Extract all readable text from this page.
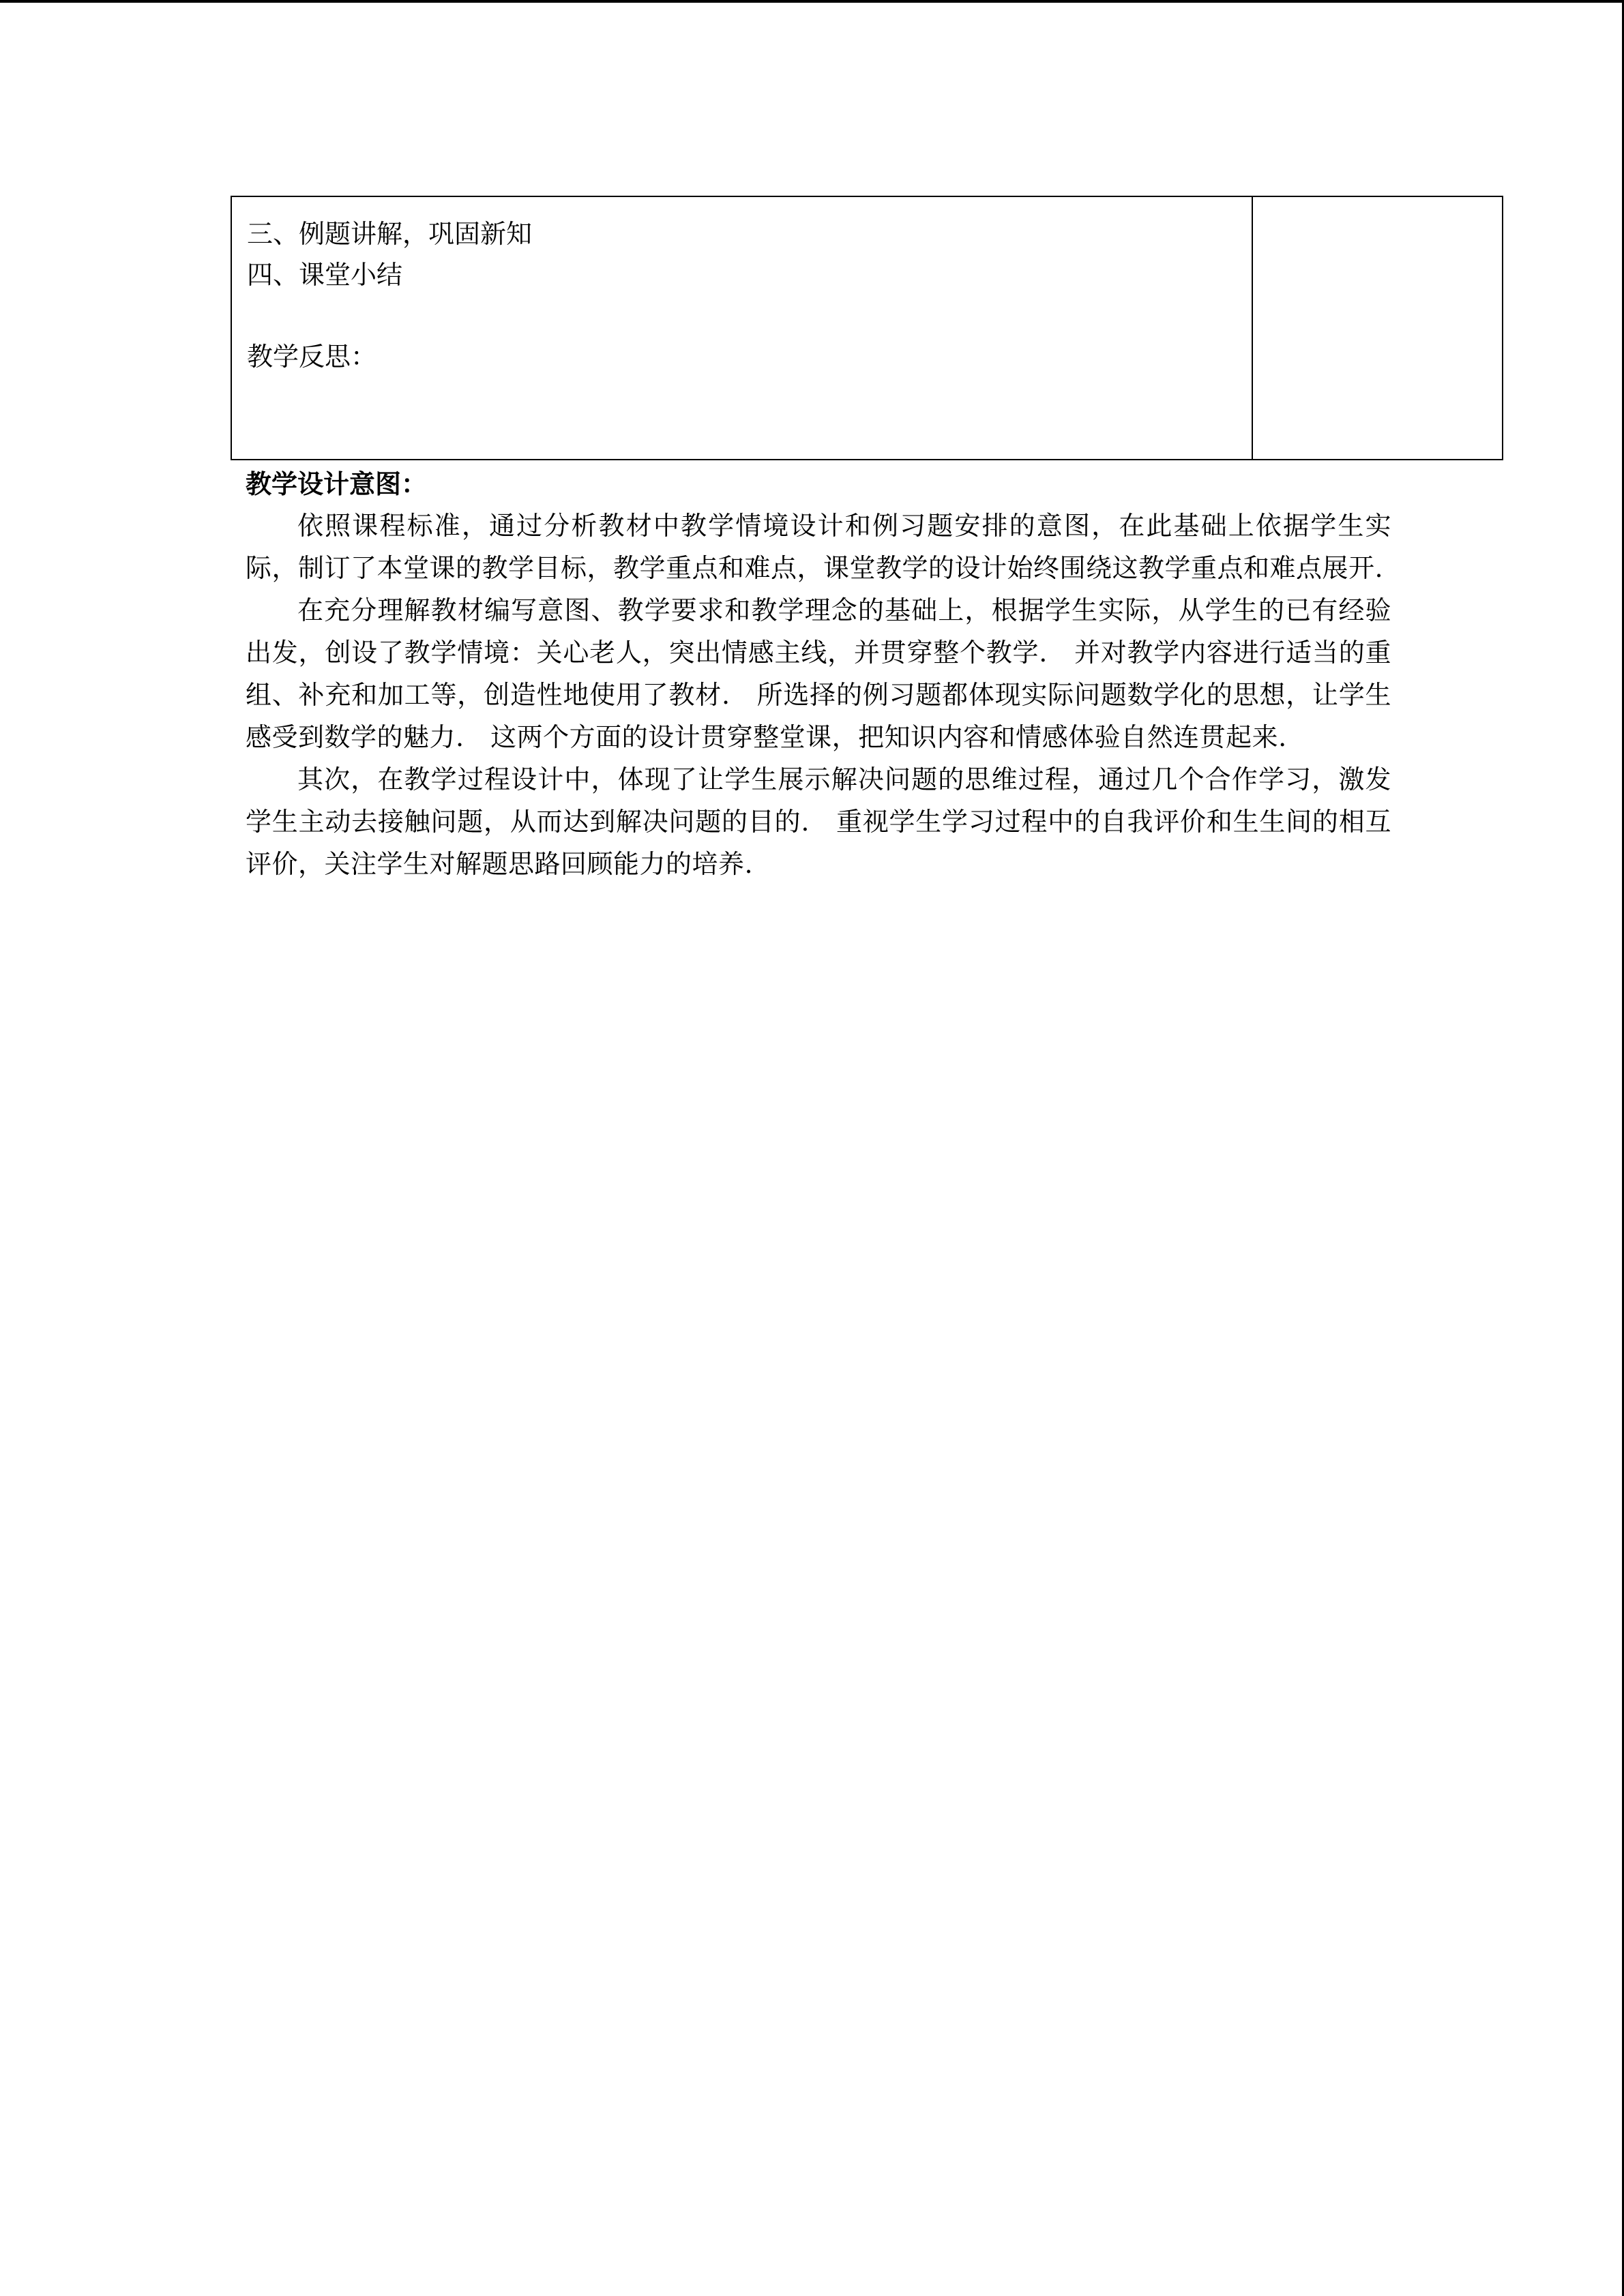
三、例题讲解，巩固新知
四、课堂小结
教学反思：

教学设计意图：

依照课程标准，通过分析教材中教学情境设计和例习题安排的意图，在此基础上依据学生实际，制订了本堂课的教学目标，教学重点和难点，课堂教学的设计始终围绕这教学重点和难点展开.

在充分理解教材编写意图、教学要求和教学理念的基础上，根据学生实际，从学生的已有经验出发，创设了教学情境：关心老人，突出情感主线，并贯穿整个教学.　并对教学内容进行适当的重组、补充和加工等，创造性地使用了教材.　所选择的例习题都体现实际问题数学化的思想，让学生感受到数学的魅力.　这两个方面的设计贯穿整堂课，把知识内容和情感体验自然连贯起来.

其次，在教学过程设计中，体现了让学生展示解决问题的思维过程，通过几个合作学习，激发学生主动去接触问题，从而达到解决问题的目的.　重视学生学习过程中的自我评价和生生间的相互评价，关注学生对解题思路回顾能力的培养.
